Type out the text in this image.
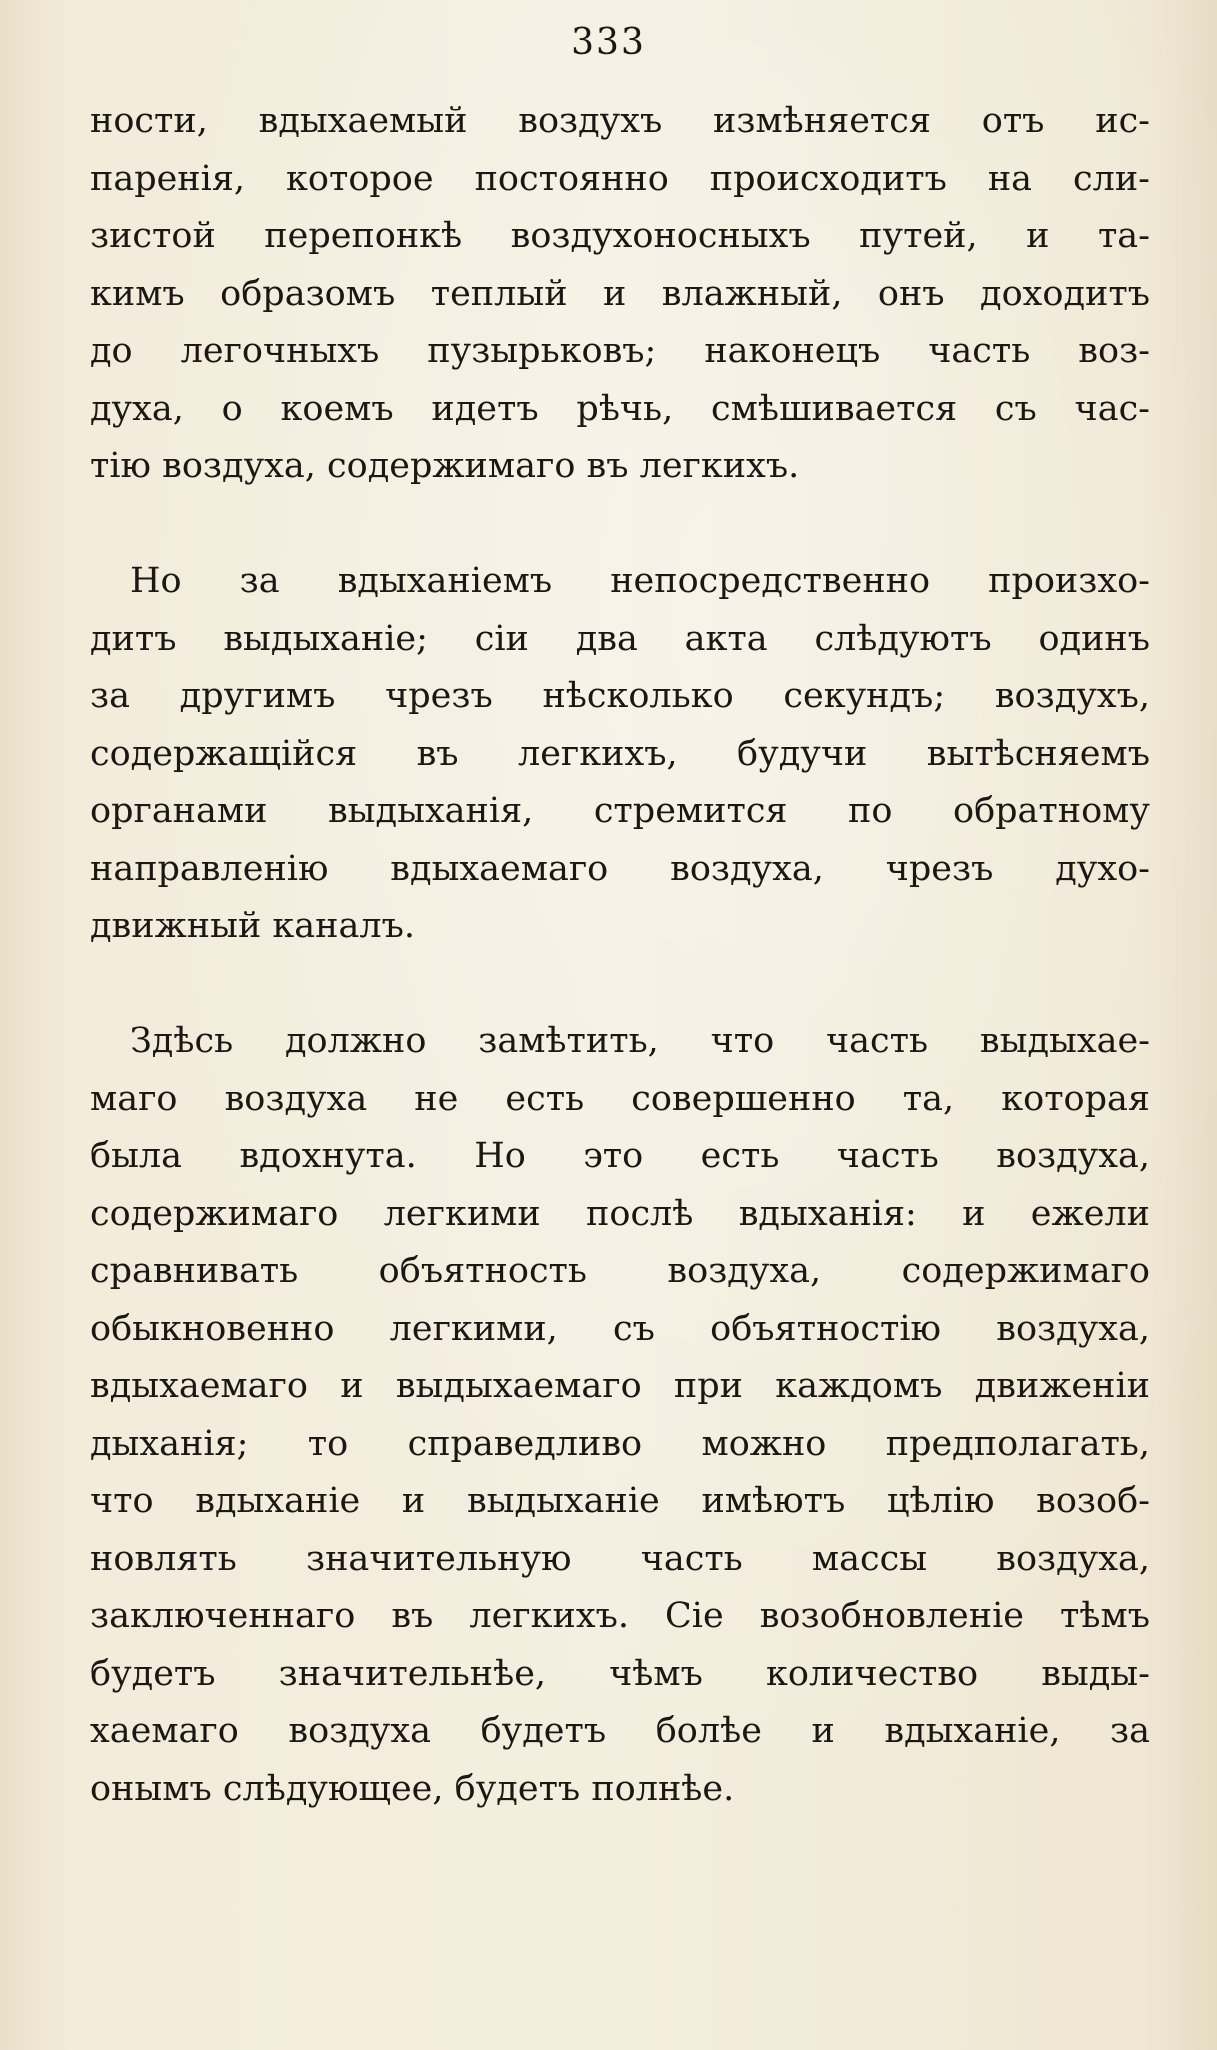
333
ности, вдыхаемый воздухъ измѣняется отъ ис-
паренія, которое постоянно происходитъ на сли-
зистой перепонкѣ воздухоносныхъ путей, и та-
кимъ образомъ теплый и влажный, онъ доходитъ
до легочныхъ пузырьковъ; наконецъ часть воз-
духа, о коемъ идетъ рѣчь, смѣшивается съ час-
тію воздуха, содержимаго въ легкихъ.
Но за вдыханіемъ непосредственно произхо-
дитъ выдыханіе; сіи два акта слѣдуютъ одинъ
за другимъ чрезъ нѣсколько секундъ; воздухъ,
содержащійся въ легкихъ, будучи вытѣсняемъ
органами выдыханія, стремится по обратному
направленію вдыхаемаго воздуха, чрезъ духо-
движный каналъ.
Здѣсь должно замѣтить, что часть выдыхае-
маго воздуха не есть совершенно та, которая
была вдохнута. Но это есть часть воздуха,
содержимаго легкими послѣ вдыханія: и ежели
сравнивать объятность воздуха, содержимаго
обыкновенно легкими, съ объятностію воздуха,
вдыхаемаго и выдыхаемаго при каждомъ движеніи
дыханія; то справедливо можно предполагать,
что вдыханіе и выдыханіе имѣютъ цѣлію возоб-
новлять значительную часть массы воздуха,
заключеннаго въ легкихъ. Сіе возобновленіе тѣмъ
будетъ значительнѣе, чѣмъ количество выды-
хаемаго воздуха будетъ болѣе и вдыханіе, за
онымъ слѣдующее, будетъ полнѣе.
